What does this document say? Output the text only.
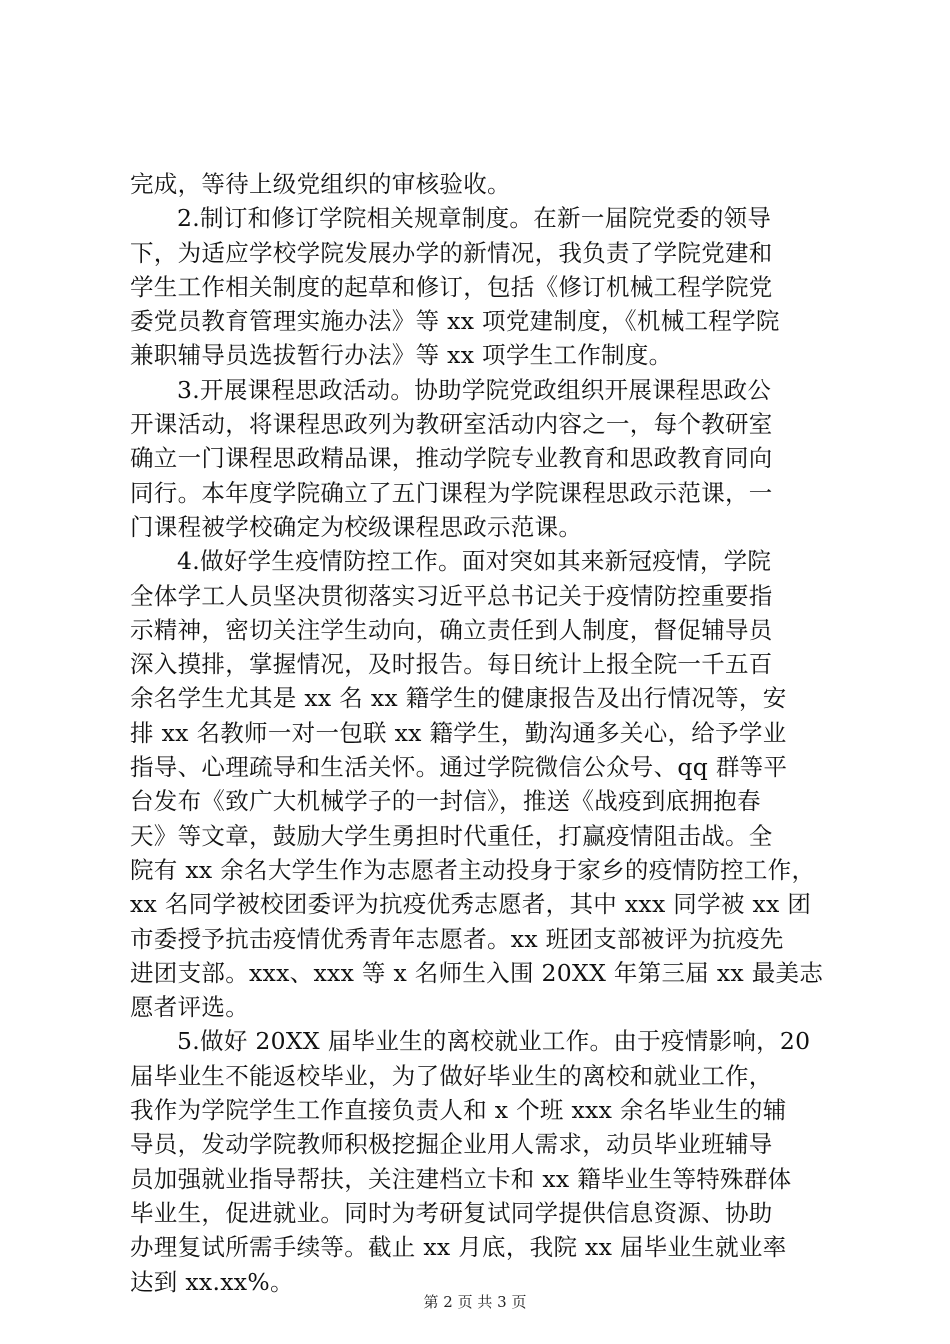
完成，等待上级党组织的审核验收。
2.制订和修订学院相关规章制度。在新一届院党委的领导
下，为适应学校学院发展办学的新情况，我负责了学院党建和
学生工作相关制度的起草和修订，包括《修订机械工程学院党
委党员教育管理实施办法》等 xx 项党建制度，《机械工程学院
兼职辅导员选拔暂行办法》等 xx 项学生工作制度。
3.开展课程思政活动。协助学院党政组织开展课程思政公
开课活动，将课程思政列为教研室活动内容之一，每个教研室
确立一门课程思政精品课，推动学院专业教育和思政教育同向
同行。本年度学院确立了五门课程为学院课程思政示范课，一
门课程被学校确定为校级课程思政示范课。
4.做好学生疫情防控工作。面对突如其来新冠疫情，学院
全体学工人员坚决贯彻落实习近平总书记关于疫情防控重要指
示精神，密切关注学生动向，确立责任到人制度，督促辅导员
深入摸排，掌握情况，及时报告。每日统计上报全院一千五百
余名学生尤其是 xx 名 xx 籍学生的健康报告及出行情况等，安
排 xx 名教师一对一包联 xx 籍学生，勤沟通多关心，给予学业
指导、心理疏导和生活关怀。通过学院微信公众号、qq 群等平
台发布《致广大机械学子的一封信》，推送《战疫到底拥抱春
天》等文章，鼓励大学生勇担时代重任，打赢疫情阻击战。全
院有 xx 余名大学生作为志愿者主动投身于家乡的疫情防控工作，
xx 名同学被校团委评为抗疫优秀志愿者，其中 xxx 同学被 xx 团
市委授予抗击疫情优秀青年志愿者。xx 班团支部被评为抗疫先
进团支部。xxx、xxx 等 x 名师生入围 20XX 年第三届 xx 最美志
愿者评选。
5.做好 20XX 届毕业生的离校就业工作。由于疫情影响，20
届毕业生不能返校毕业，为了做好毕业生的离校和就业工作，
我作为学院学生工作直接负责人和 x 个班 xxx 余名毕业生的辅
导员，发动学院教师积极挖掘企业用人需求，动员毕业班辅导
员加强就业指导帮扶，关注建档立卡和 xx 籍毕业生等特殊群体
毕业生，促进就业。同时为考研复试同学提供信息资源、协助
办理复试所需手续等。截止 xx 月底，我院 xx 届毕业生就业率
达到 xx.xx%。
第 2 页 共 3 页
